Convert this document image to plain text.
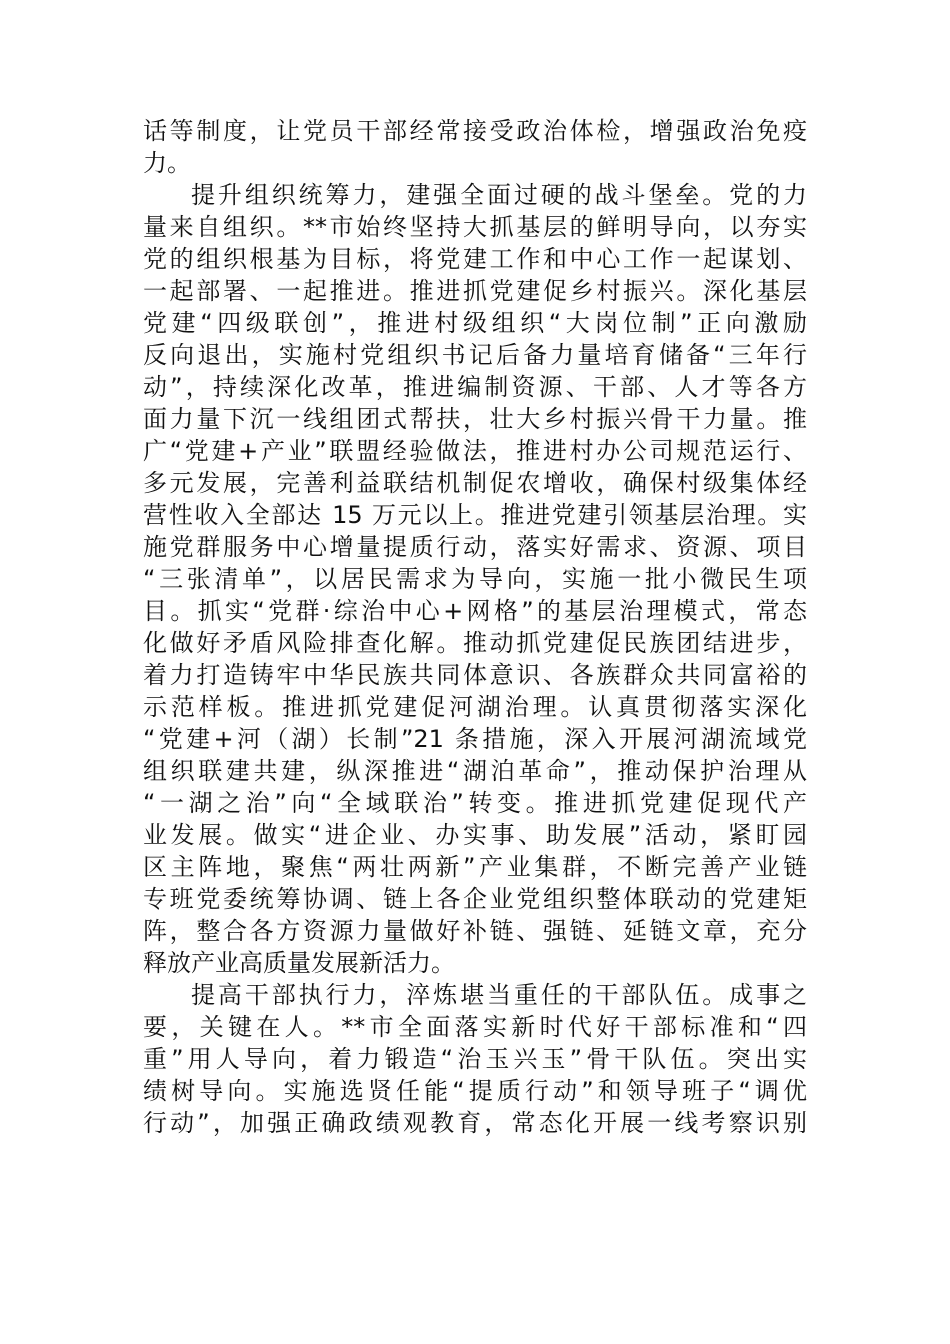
话等制度，让党员干部经常接受政治体检，增强政治免疫
力。
提升组织统筹力，建强全面过硬的战斗堡垒。党的力
量来自组织。**市始终坚持大抓基层的鲜明导向，以夯实
党的组织根基为目标，将党建工作和中心工作一起谋划、
一起部署、一起推进。推进抓党建促乡村振兴。深化基层
党建“四级联创”，推进村级组织“大岗位制”正向激励
反向退出，实施村党组织书记后备力量培育储备“三年行
动”，持续深化改革，推进编制资源、干部、人才等各方
面力量下沉一线组团式帮扶，壮大乡村振兴骨干力量。推
广“党建+产业”联盟经验做法，推进村办公司规范运行、
多元发展，完善利益联结机制促农增收，确保村级集体经
营性收入全部达 15 万元以上。推进党建引领基层治理。实
施党群服务中心增量提质行动，落实好需求、资源、项目
“三张清单”，以居民需求为导向，实施一批小微民生项
目。抓实“党群·综治中心+网格”的基层治理模式，常态
化做好矛盾风险排查化解。推动抓党建促民族团结进步，
着力打造铸牢中华民族共同体意识、各族群众共同富裕的
示范样板。推进抓党建促河湖治理。认真贯彻落实深化
“党建+河（湖）长制”21 条措施，深入开展河湖流域党
组织联建共建，纵深推进“湖泊革命”，推动保护治理从
“一湖之治”向“全域联治”转变。推进抓党建促现代产
业发展。做实“进企业、办实事、助发展”活动，紧盯园
区主阵地，聚焦“两壮两新”产业集群，不断完善产业链
专班党委统筹协调、链上各企业党组织整体联动的党建矩
阵，整合各方资源力量做好补链、强链、延链文章，充分
释放产业高质量发展新活力。
提高干部执行力，淬炼堪当重任的干部队伍。成事之
要，关键在人。**市全面落实新时代好干部标准和“四
重”用人导向，着力锻造“治玉兴玉”骨干队伍。突出实
绩树导向。实施选贤任能“提质行动”和领导班子“调优
行动”，加强正确政绩观教育，常态化开展一线考察识别
